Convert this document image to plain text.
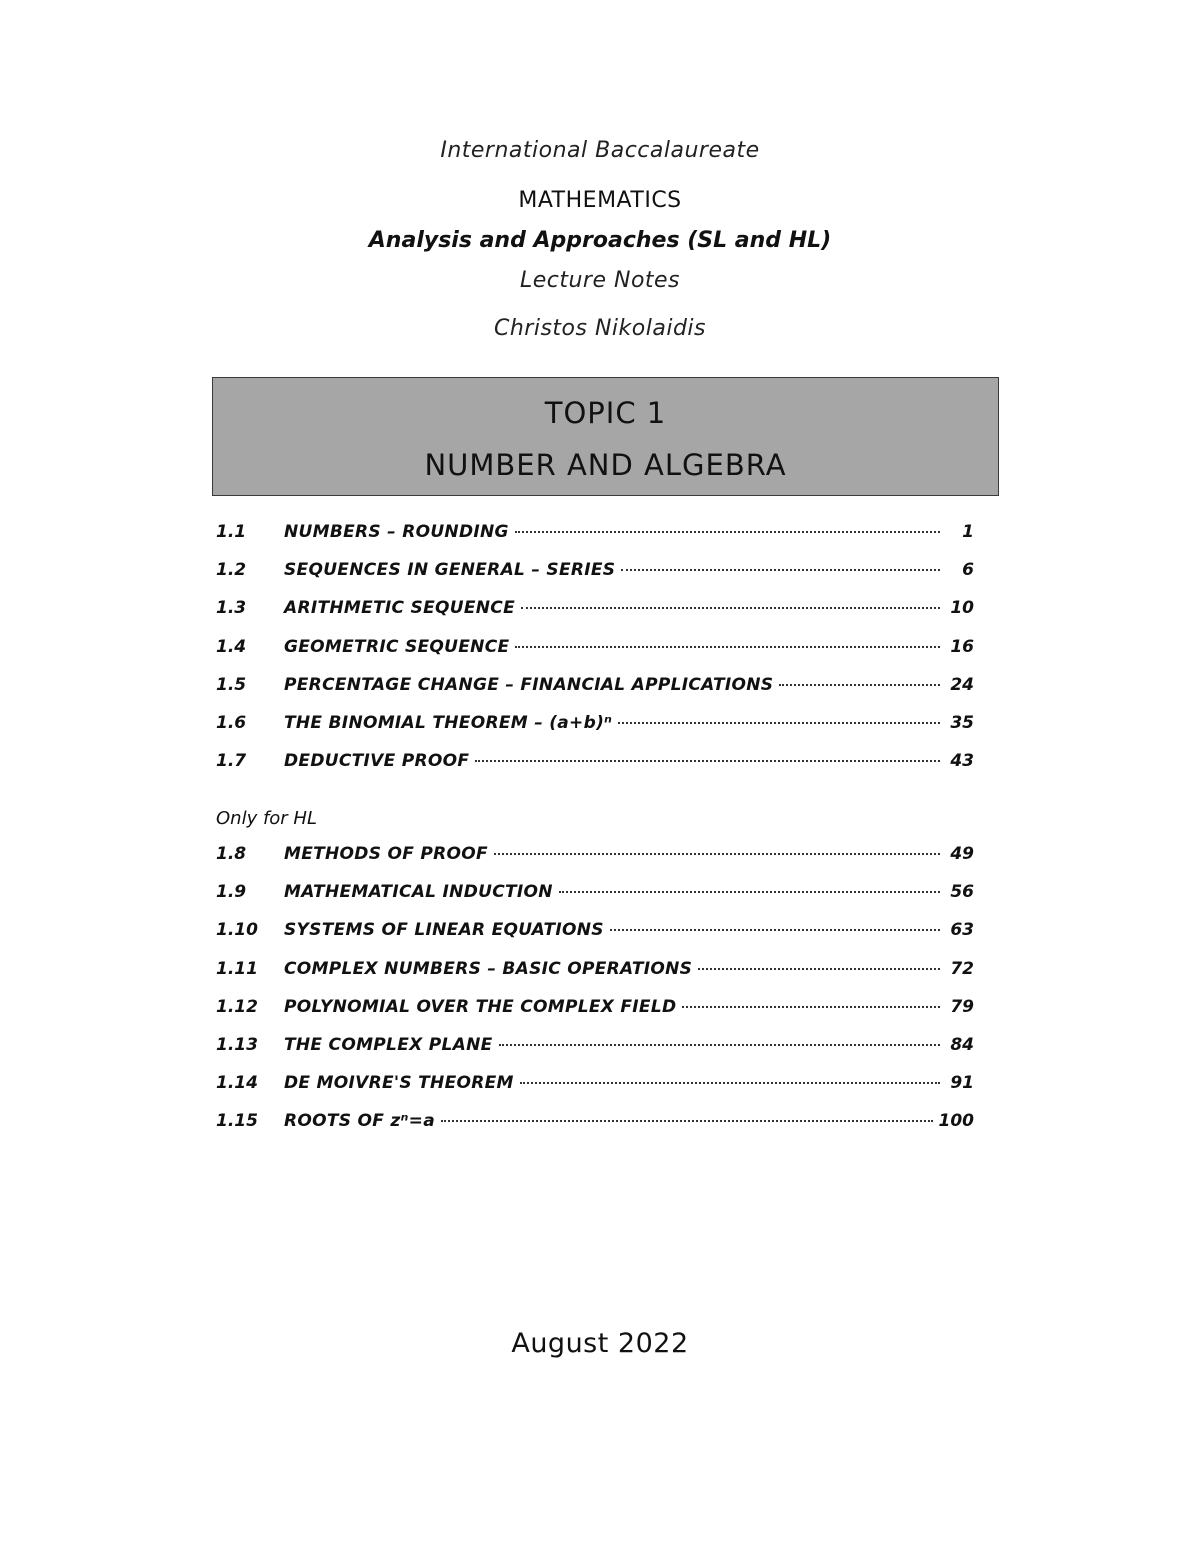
International Baccalaureate
MATHEMATICS
Analysis and Approaches (SL and HL)
Lecture Notes
Christos Nikolaidis
TOPIC 1
NUMBER AND ALGEBRA
1.1	NUMBERS – ROUNDING	1
1.2	SEQUENCES IN GENERAL – SERIES	6
1.3	ARITHMETIC SEQUENCE	10
1.4	GEOMETRIC SEQUENCE	16
1.5	PERCENTAGE CHANGE – FINANCIAL APPLICATIONS	24
1.6	THE BINOMIAL THEOREM – (a+b)ⁿ	35
1.7	DEDUCTIVE PROOF	43
Only for HL
1.8	METHODS OF PROOF	49
1.9	MATHEMATICAL INDUCTION	56
1.10	SYSTEMS OF LINEAR EQUATIONS	63
1.11	COMPLEX NUMBERS – BASIC OPERATIONS	72
1.12	POLYNOMIAL OVER THE COMPLEX FIELD	79
1.13	THE COMPLEX PLANE	84
1.14	DE MOIVRE'S THEOREM	91
1.15	ROOTS OF zⁿ=a	100
August 2022
